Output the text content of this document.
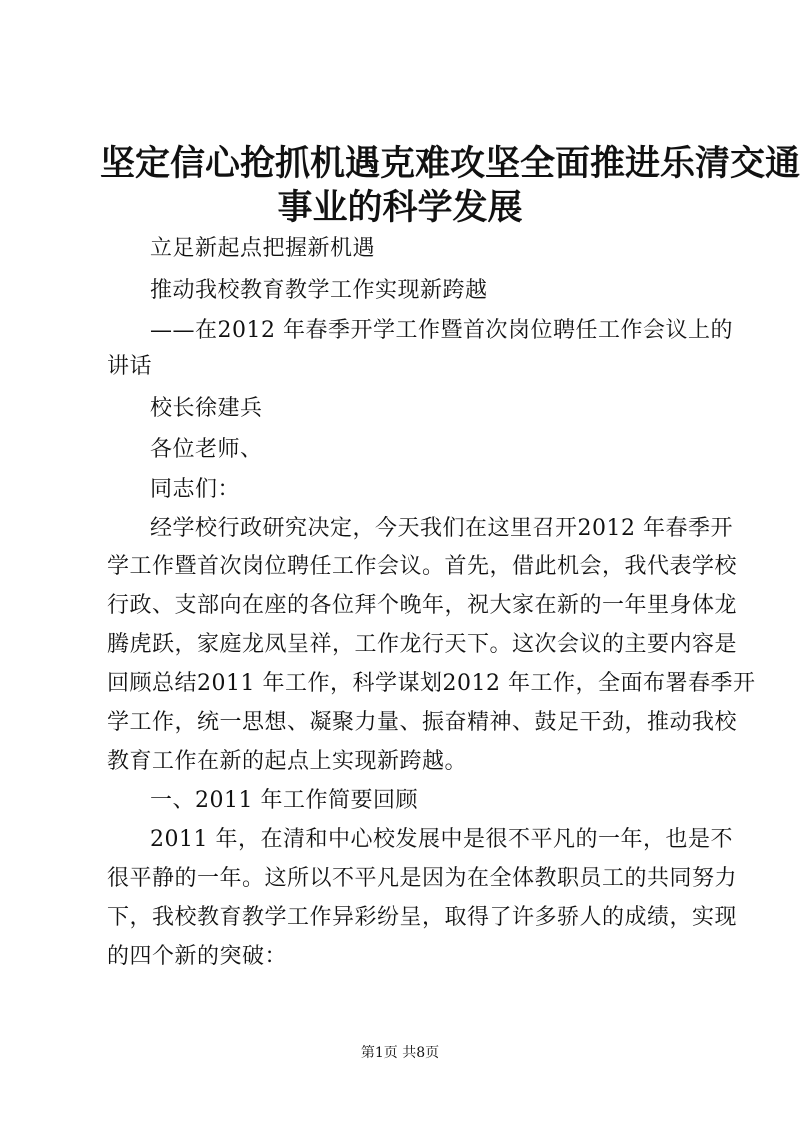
坚定信心抢抓机遇克难攻坚全面推进乐清交通
事业的科学发展
立足新起点把握新机遇
推动我校教育教学工作实现新跨越
——在2012 年春季开学工作暨首次岗位聘任工作会议上的
讲话
校长徐建兵
各位老师、
同志们：
经学校行政研究决定，今天我们在这里召开2012 年春季开
学工作暨首次岗位聘任工作会议。首先，借此机会，我代表学校
行政、支部向在座的各位拜个晚年，祝大家在新的一年里身体龙
腾虎跃，家庭龙凤呈祥，工作龙行天下。这次会议的主要内容是
回顾总结2011 年工作，科学谋划2012 年工作，全面布署春季开
学工作，统一思想、凝聚力量、振奋精神、鼓足干劲，推动我校
教育工作在新的起点上实现新跨越。
一、2011 年工作简要回顾
2011 年，在清和中心校发展中是很不平凡的一年，也是不
很平静的一年。这所以不平凡是因为在全体教职员工的共同努力
下，我校教育教学工作异彩纷呈，取得了许多骄人的成绩，实现
的四个新的突破：
第1页 共8页
